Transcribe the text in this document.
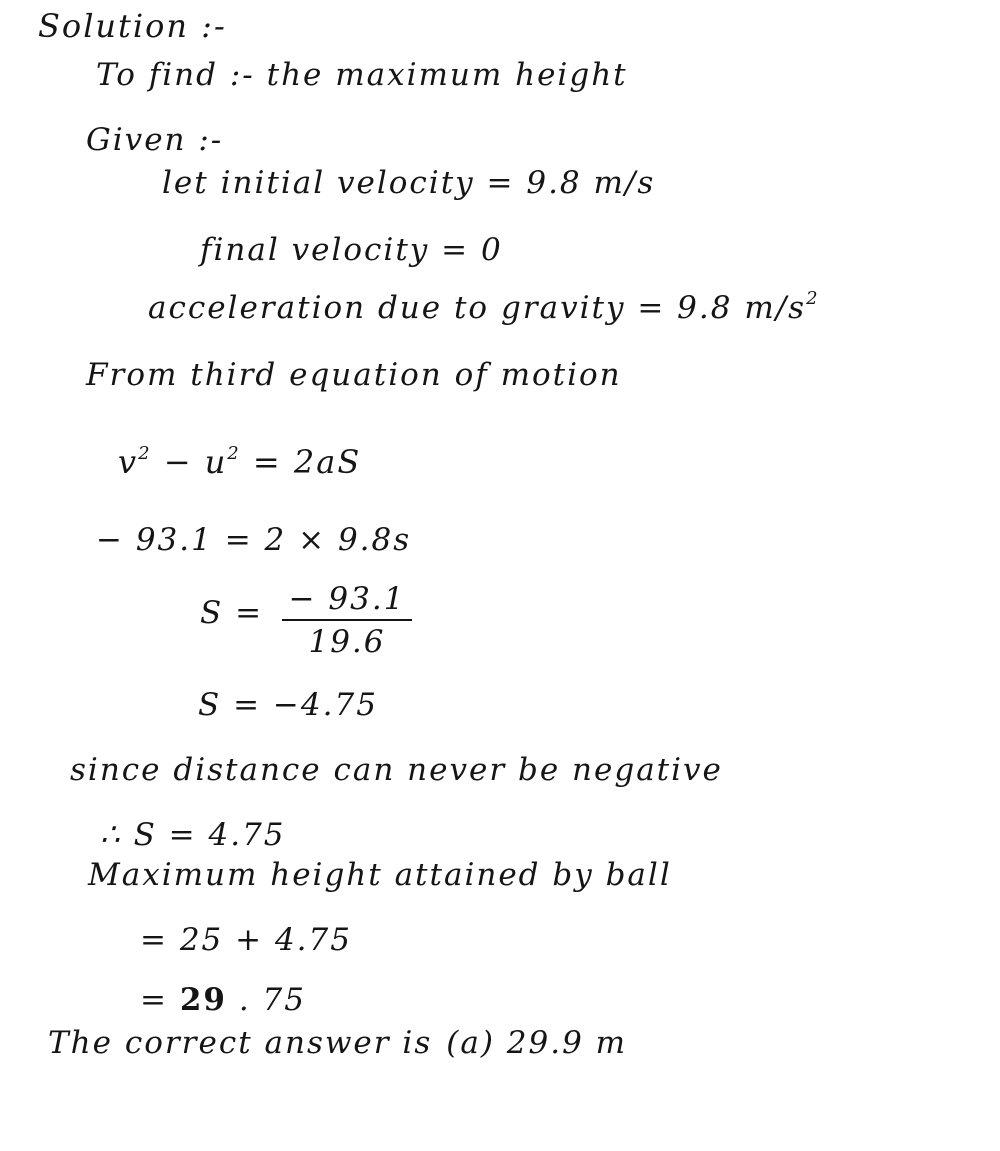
Solution :-
To find :- the maximum height
Given :-
let initial velocity = 9.8 m/s
final velocity = 0
acceleration due to gravity = 9.8 $m/s^2$
From third equation of motion
$v^2 - u^2 = 2aS$
− 93.1 = 2 × 9.8s
S = − 93.1
19.6
S = −4.75
since distance can never be negative
∴ S = 4.75
Maximum height attained by ball
= 25 + 4.75
= 29 . 75
The correct answer is (a) 29.9 m
